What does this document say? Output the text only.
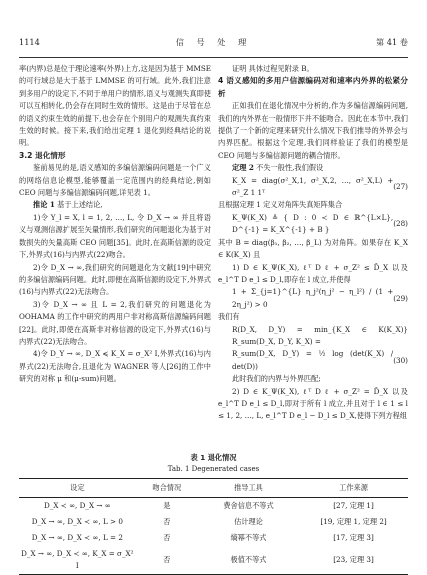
1114	信 号 处 理	第 41 卷

率(内界)总是位于理论速率(外界)上方,这是因为基于 MMSE 的可行域总是大于基于 LMMSE 的可行域。此外,我们注意到多用户的设定下,不同于单用户的情形,语义与观测失真即使可以互相转化,仍会存在同时生效的情形。这是由于尽管在总的语义约束生效的前提下,也会存在个别用户的观测失真约束生效的时候。接下来,我们给出定理 1 退化到经典结论的说明。

3.2 退化情形

鉴前易见的是,语义感知的多编信源编码问题是一个广义的网络信息论模型,能够覆盖一定范围内的经典结论,例如 CEO 问题与多编信源编码问题,详见表 1。

推论 1 基于上述结论,

1)令 Y_l = X, l = 1, 2, …, L, 令 D_X → ∞ 并且将语义与观测信源扩展至矢量情形,我们研究的问题退化为基于对数损失的矢量高斯 CEO 问题[35]。此时,在高斯信源的设定下,外界式(16)与内界式(22)吻合。

2)令 D_X → ∞,我们研究的问题退化为文献[19]中研究的多编信源编码问题。此时,即便在高斯信源的设定下,外界式(16)与内界式(22)无法吻合。

3)令 D_X → ∞ 且 L = 2,我们研究的问题退化为 OOHAMA 的工作中研究的两用户非对称高斯信源编码问题[22]。此时,即使在高斯非对称信源的设定下,外界式(16)与内界式(22)无法吻合。

4)令 D_Y → ∞, D_X ≼ K_X = σ_X² I,外界式(16)与内界式(22)无法吻合,且退化为 WAGNER 等人[26]的工作中研究的对称 μ 和(μ-sum)问题。

证明 具体过程见附录 B。

4 语义感知的多用户信源编码对和速率内外界的松紧分析

正如我们在退化情况中分析的,作为多编信源编码问题,我们的内外界在一般情形下并不能吻合。因此在本节中,我们提供了一个新的定理来研究什么情况下我们推导的外界会与内界匹配。根据这个定理,我们同样验证了我们的模型是 CEO 问题与多编信源问题的耦合情形。

定理 2 不失一般性,我们假设

K_X = diag(σ²_X,1, σ²_X,2, …, σ²_X,L) + σ²_Z 1 1ᵀ
(27)

且根据定理 1 定义对角阵失真矩阵集合

K_Ψ(K_X) ≜ { D : 0 ≺ D ∈ ℝ^{L×L}, D^{-1} = K_X^{-1} + B }
(28)

其中 B = diag(β₁, β₂, …, β_L) 为对角阵。如果存在 K_X ∈ K(K_X) 且

1) D ∈ K_Ψ(K_X), ℓᵀ D ℓ + σ_Z² ≤ D̂_X 以及 e_l^T D e_l ≤ D_l,即存在 l 成立,并使得

1 + Σ_{j=1}^{L} η_j²(η_j² − η_l²) / (1 + 2η_j²) > 0
(29)

我们有

R(D_X, D_Y) = min_{K_X ∈ K(K_X)} R_sum(D_X, D_Y, K_X) =
R_sum(D_X, D_Y) = ½ log (det(K_X) / det(D))
(30)

此时我们的内界与外界匹配;

2) D ∈ K_Ψ(K_X), ℓᵀ D ℓ + σ_Z² = D̂_X 以及 e_l^T D e_l ≤ D_l,即对于所有 l 成立,并且对于 l ∈ 1 ≤ l ≤ 1, 2, …, L, e_l^T D e_l − D_l ≤ D_X,使得下列方程组

表 1 退化情况
Tab. 1 Degenerated cases
设定	吻合情况	推导工具	工作来源
D_X ≺ ∞, D_X → ∞	是	费舍信息不等式	[27, 定理 1]
D_X → ∞, D_X ≺ ∞, L > 0	否	估计理论	[19, 定理 1, 定理 2]
D_X → ∞, D_X ≺ ∞, L = 2	否	熵幂不等式	[17, 定理 3]
D_X → ∞, D_X ≺ ∞, K_X = σ_X² I	否	极值不等式	[23, 定理 3]
